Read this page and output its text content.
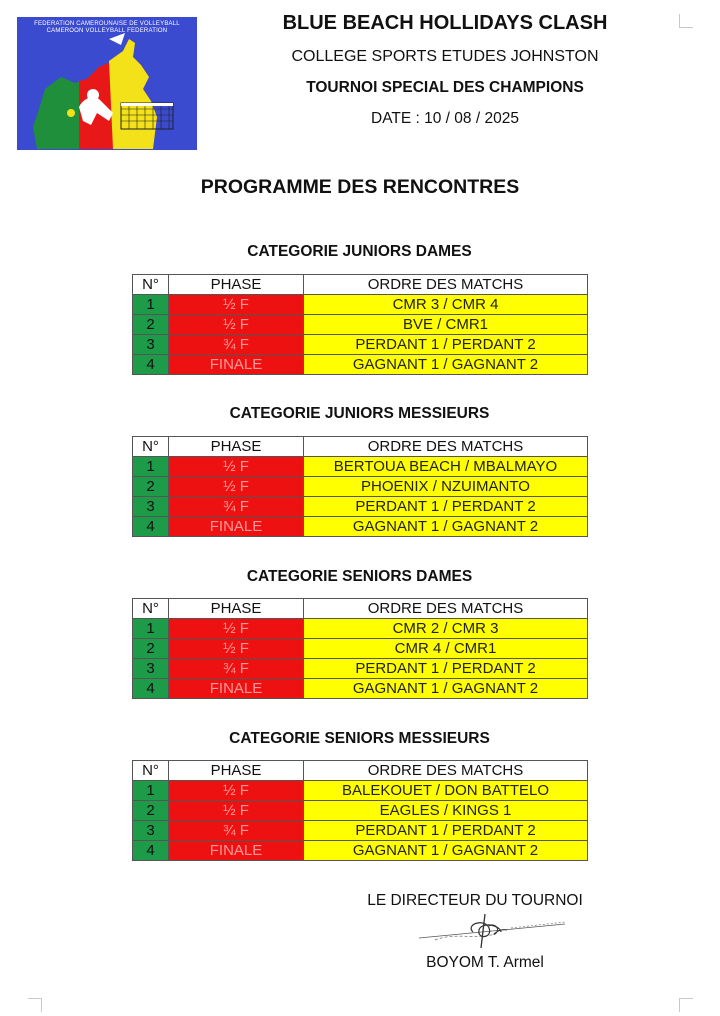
FEDERATION CAMEROUNAISE DE VOLLEYBALL
CAMEROON VOLLEYBALL FEDERATION	BLUE BEACH HOLLIDAYS CLASH
COLLEGE SPORTS ETUDES JOHNSTON
TOURNOI SPECIAL DES CHAMPIONS
DATE : 10 / 08 / 2025
PROGRAMME DES RENCONTRES
CATEGORIE JUNIORS DAMES
N°	PHASE	ORDRE DES MATCHS
1	½ F	CMR 3 / CMR 4
2	½ F	BVE / CMR1
3	¾ F	PERDANT 1 / PERDANT 2
4	FINALE	GAGNANT 1 / GAGNANT 2
CATEGORIE JUNIORS MESSIEURS
N°	PHASE	ORDRE DES MATCHS
1	½ F	BERTOUA BEACH / MBALMAYO
2	½ F	PHOENIX / NZUIMANTO
3	¾ F	PERDANT 1 / PERDANT 2
4	FINALE	GAGNANT 1 / GAGNANT 2
CATEGORIE SENIORS DAMES
N°	PHASE	ORDRE DES MATCHS
1	½ F	CMR 2 / CMR 3
2	½ F	CMR 4 / CMR1
3	¾ F	PERDANT 1 / PERDANT 2
4	FINALE	GAGNANT 1 / GAGNANT 2
CATEGORIE SENIORS MESSIEURS
N°	PHASE	ORDRE DES MATCHS
1	½ F	BALEKOUET / DON BATTELO
2	½ F	EAGLES / KINGS 1
3	¾ F	PERDANT 1 / PERDANT 2
4	FINALE	GAGNANT 1 / GAGNANT 2
LE DIRECTEUR DU TOURNOI
BOYOM T. Armel
